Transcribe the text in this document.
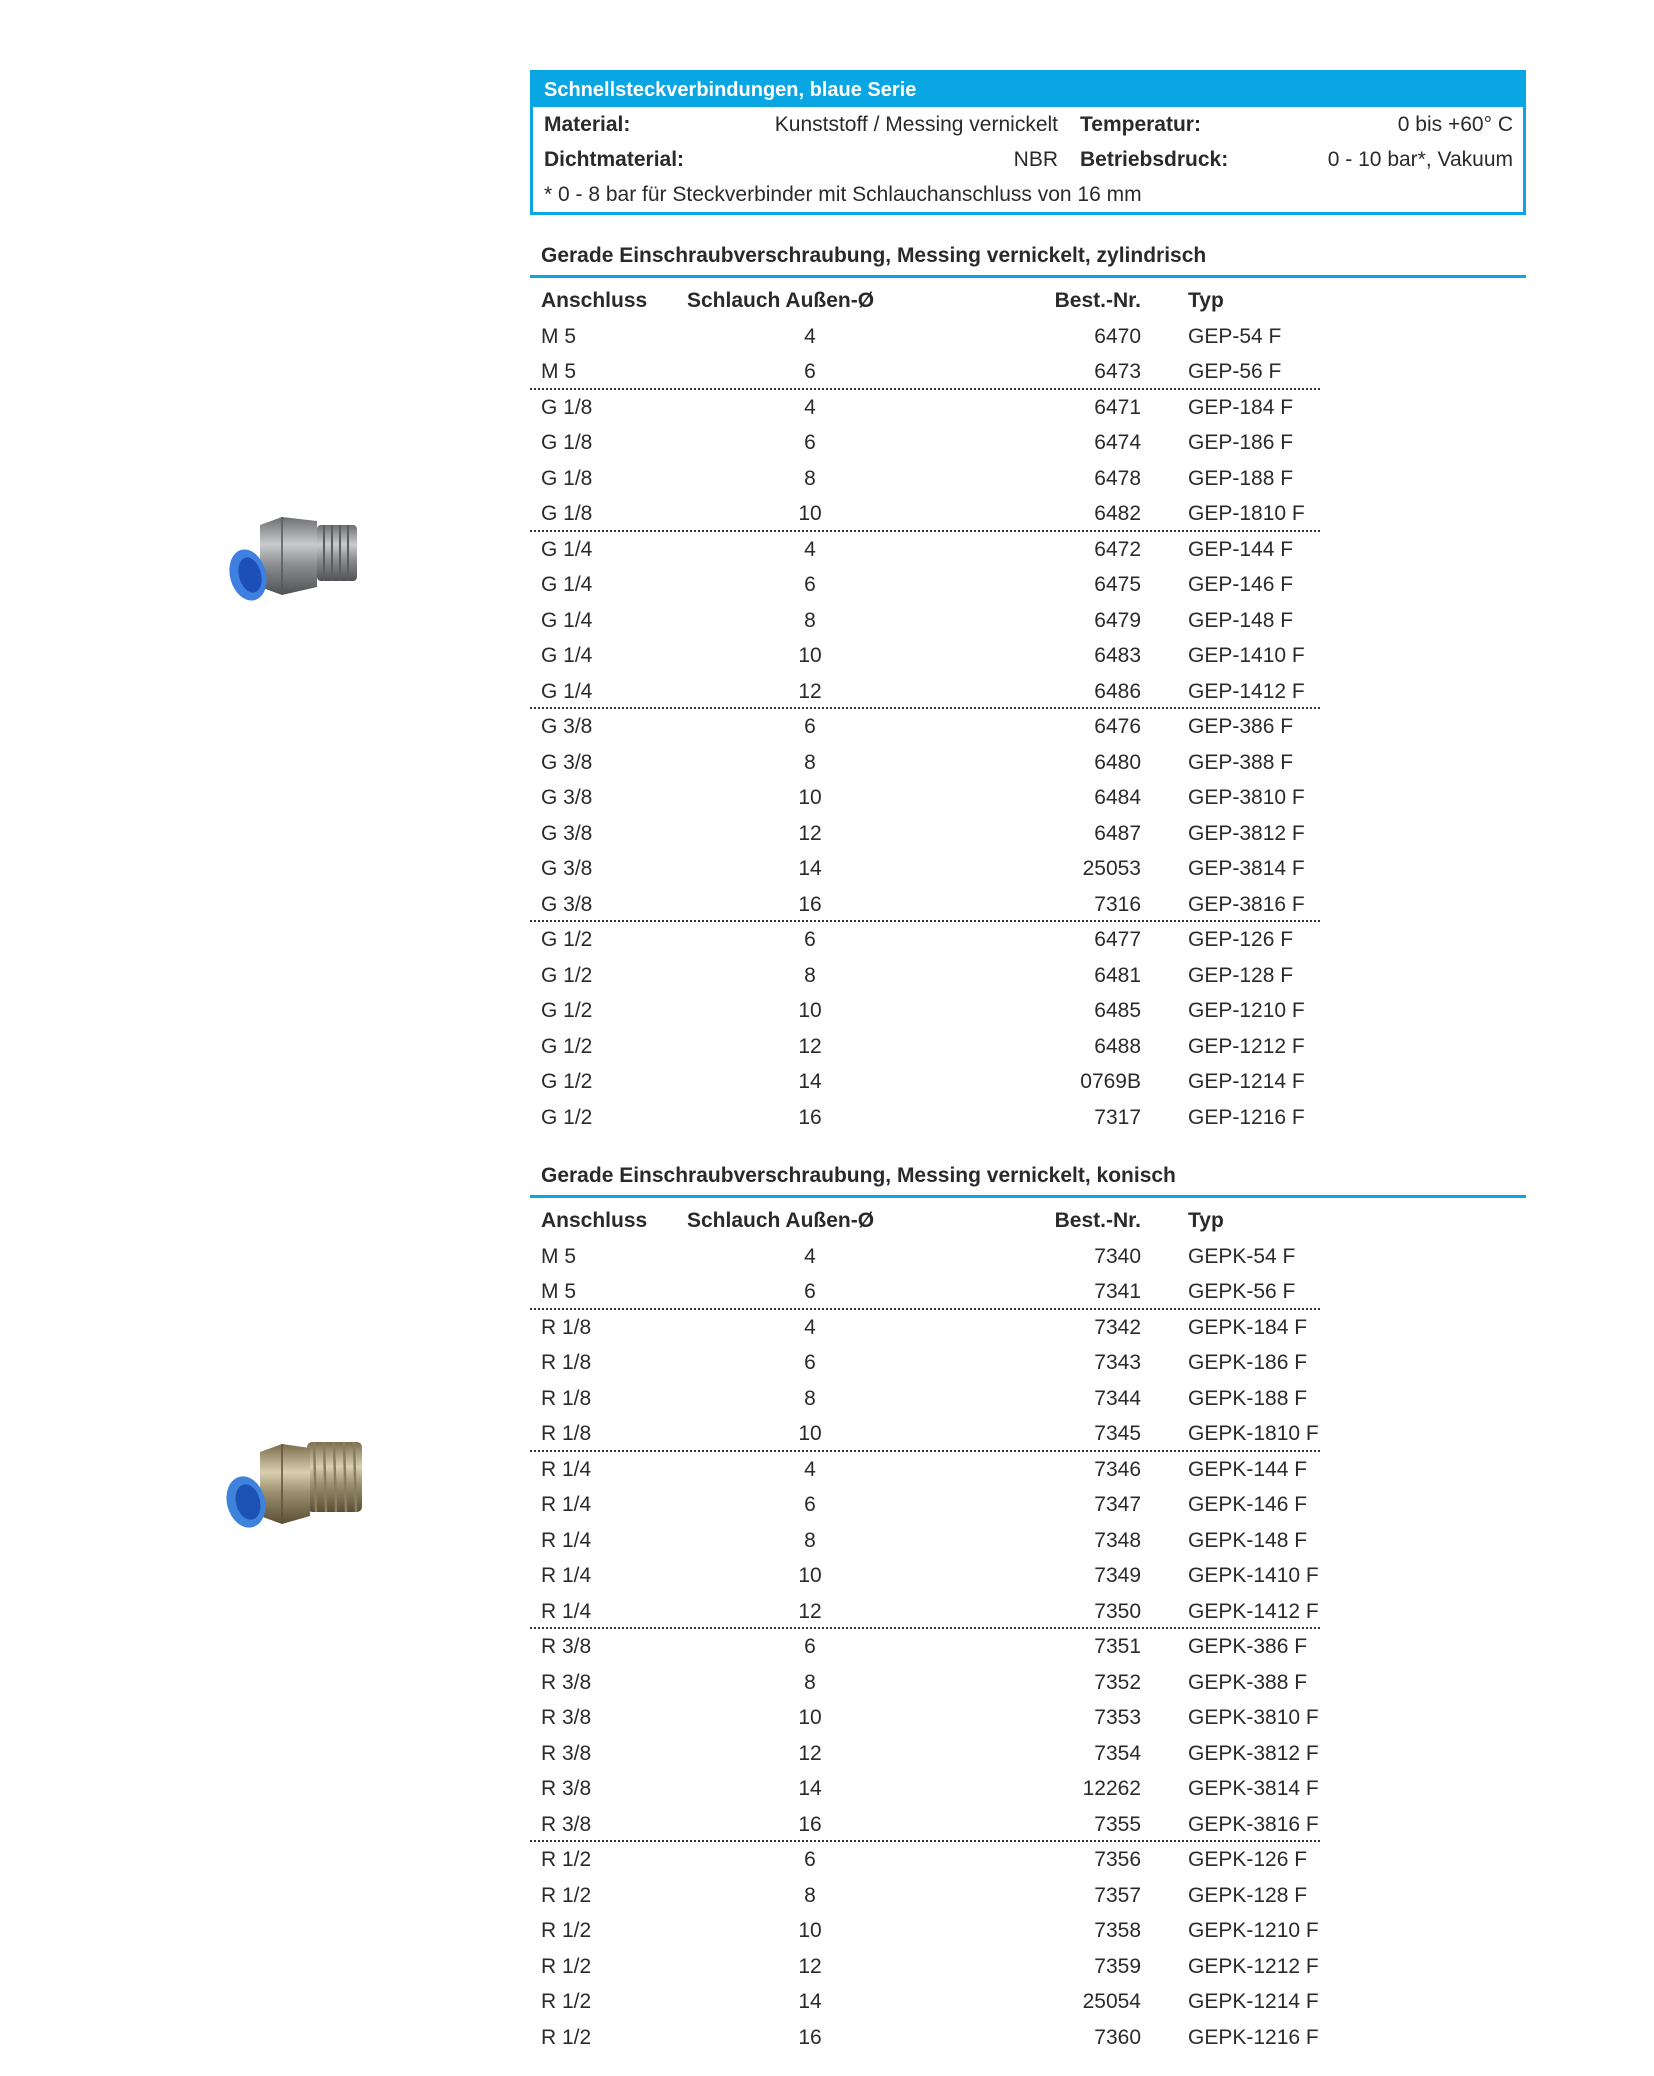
Schnellsteckverbindungen, blaue Serie
Material:	Kunststoff / Messing vernickelt Temperatur:	0 bis +60° C
Dichtmaterial:	NBR Betriebsdruck:	0 - 10 bar*, Vakuum
* 0 - 8 bar für Steckverbinder mit Schlauchanschluss von 16 mm
Gerade Einschraubverschraubung, Messing vernickelt, zylindrisch
Anschluss Schlauch Außen-Ø	Best.-Nr. Typ
M 5	4	6470 GEP-54 F
M 5	6	6473 GEP-56 F
G 1/8	4	6471 GEP-184 F
G 1/8	6	6474 GEP-186 F
G 1/8	8	6478 GEP-188 F
G 1/8	10	6482 GEP-1810 F
G 1/4	4	6472 GEP-144 F
G 1/4	6	6475 GEP-146 F
G 1/4	8	6479 GEP-148 F
G 1/4	10	6483 GEP-1410 F
G 1/4	12	6486 GEP-1412 F
G 3/8	6	6476 GEP-386 F
G 3/8	8	6480 GEP-388 F
G 3/8	10	6484 GEP-3810 F
G 3/8	12	6487 GEP-3812 F
G 3/8	14	25053 GEP-3814 F
G 3/8	16	7316 GEP-3816 F
G 1/2	6	6477 GEP-126 F
G 1/2	8	6481 GEP-128 F
G 1/2	10	6485 GEP-1210 F
G 1/2	12	6488 GEP-1212 F
G 1/2	14	0769B GEP-1214 F
G 1/2	16	7317 GEP-1216 F
Gerade Einschraubverschraubung, Messing vernickelt, konisch
Anschluss Schlauch Außen-Ø	Best.-Nr. Typ
M 5	4	7340 GEPK-54 F
M 5	6	7341 GEPK-56 F
R 1/8	4	7342 GEPK-184 F
R 1/8	6	7343 GEPK-186 F
R 1/8	8	7344 GEPK-188 F
R 1/8	10	7345 GEPK-1810 F
R 1/4	4	7346 GEPK-144 F
R 1/4	6	7347 GEPK-146 F
R 1/4	8	7348 GEPK-148 F
R 1/4	10	7349 GEPK-1410 F
R 1/4	12	7350 GEPK-1412 F
R 3/8	6	7351 GEPK-386 F
R 3/8	8	7352 GEPK-388 F
R 3/8	10	7353 GEPK-3810 F
R 3/8	12	7354 GEPK-3812 F
R 3/8	14	12262 GEPK-3814 F
R 3/8	16	7355 GEPK-3816 F
R 1/2	6	7356 GEPK-126 F
R 1/2	8	7357 GEPK-128 F
R 1/2	10	7358 GEPK-1210 F
R 1/2	12	7359 GEPK-1212 F
R 1/2	14	25054 GEPK-1214 F
R 1/2	16	7360 GEPK-1216 F
